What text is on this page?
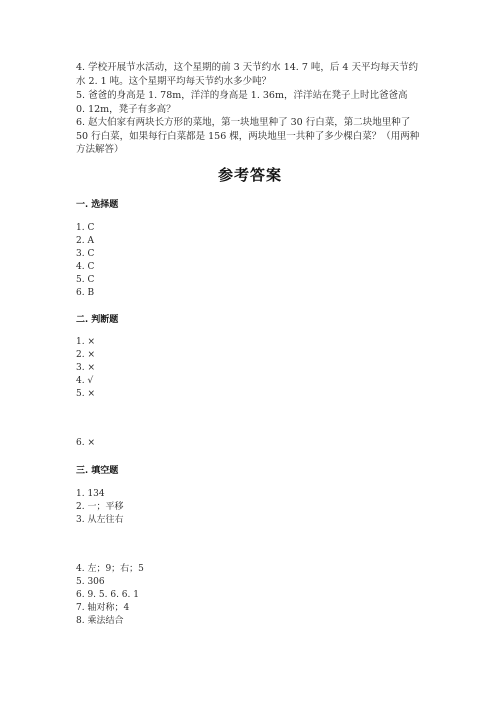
4. 学校开展节水活动，这个星期的前 3 天节约水 14. 7 吨，后 4 天平均每天节约
水 2. 1 吨。这个星期平均每天节约水多少吨？
5. 爸爸的身高是 1. 78m，洋洋的身高是 1. 36m，洋洋站在凳子上时比爸爸高
0. 12m，凳子有多高？
6. 赵大伯家有两块长方形的菜地，第一块地里种了 30 行白菜，第二块地里种了
50 行白菜，如果每行白菜都是 156 棵，两块地里一共种了多少棵白菜？（用两种
方法解答）
参考答案
一. 选择题
1. C
2. A
3. C
4. C
5. C
6. B
二. 判断题
1. ×
2. ×
3. ×
4. √
5. ×
6. ×
三. 填空题
1. 134
2. 一；平移
3. 从左往右
4. 左；9；右；5
5. 306
6. 9. 5. 6. 6. 1
7. 轴对称；4
8. 乘法结合
